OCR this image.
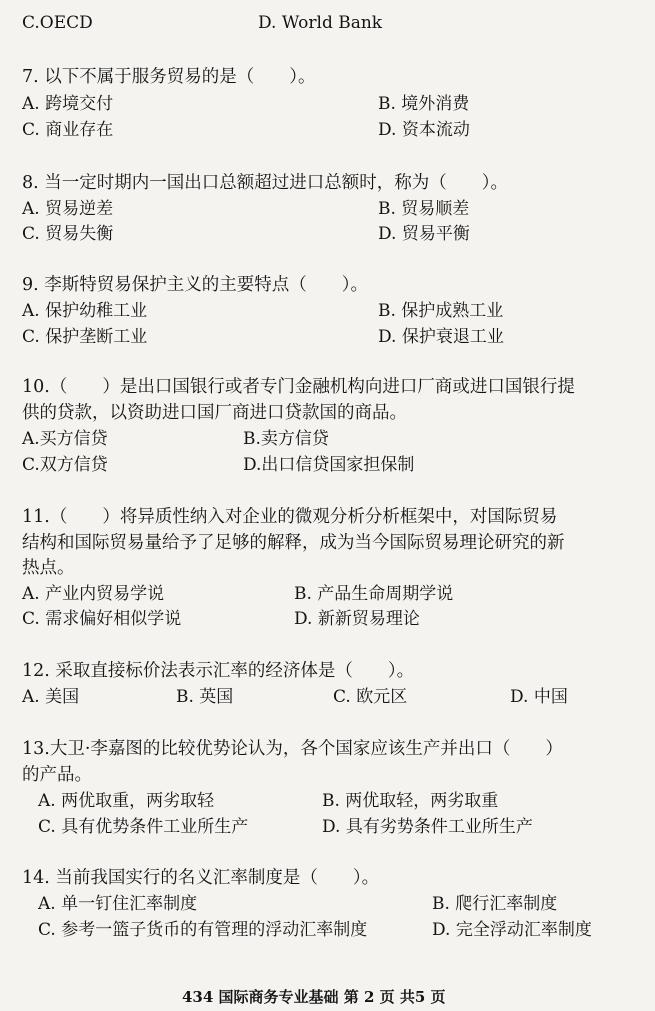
C.OECD	D. World Bank
7. 以下不属于服务贸易的是（　　）。
A. 跨境交付	B. 境外消费
C. 商业存在	D. 资本流动
8. 当一定时期内一国出口总额超过进口总额时，称为（　　）。
A. 贸易逆差	B. 贸易顺差
C. 贸易失衡	D. 贸易平衡
9. 李斯特贸易保护主义的主要特点（　　）。
A. 保护幼稚工业	B. 保护成熟工业
C. 保护垄断工业	D. 保护衰退工业
10.（　　）是出口国银行或者专门金融机构向进口厂商或进口国银行提
供的贷款，以资助进口国厂商进口贷款国的商品。
A.买方信贷	B.卖方信贷
C.双方信贷	D.出口信贷国家担保制
11.（　　）将异质性纳入对企业的微观分析分析框架中，对国际贸易
结构和国际贸易量给予了足够的解释，成为当今国际贸易理论研究的新
热点。
A. 产业内贸易学说	B. 产品生命周期学说
C. 需求偏好相似学说	D. 新新贸易理论
12. 采取直接标价法表示汇率的经济体是（　　）。
A. 美国	B. 英国	C. 欧元区	D. 中国
13.大卫·李嘉图的比较优势论认为，各个国家应该生产并出口（　　）
的产品。
A. 两优取重，两劣取轻	B. 两优取轻，两劣取重
C. 具有优势条件工业所生产	D. 具有劣势条件工业所生产
14. 当前我国实行的名义汇率制度是（　　）。
A. 单一钉住汇率制度	B. 爬行汇率制度
C. 参考一篮子货币的有管理的浮动汇率制度	D. 完全浮动汇率制度
434 国际商务专业基础 第 2 页 共5 页
